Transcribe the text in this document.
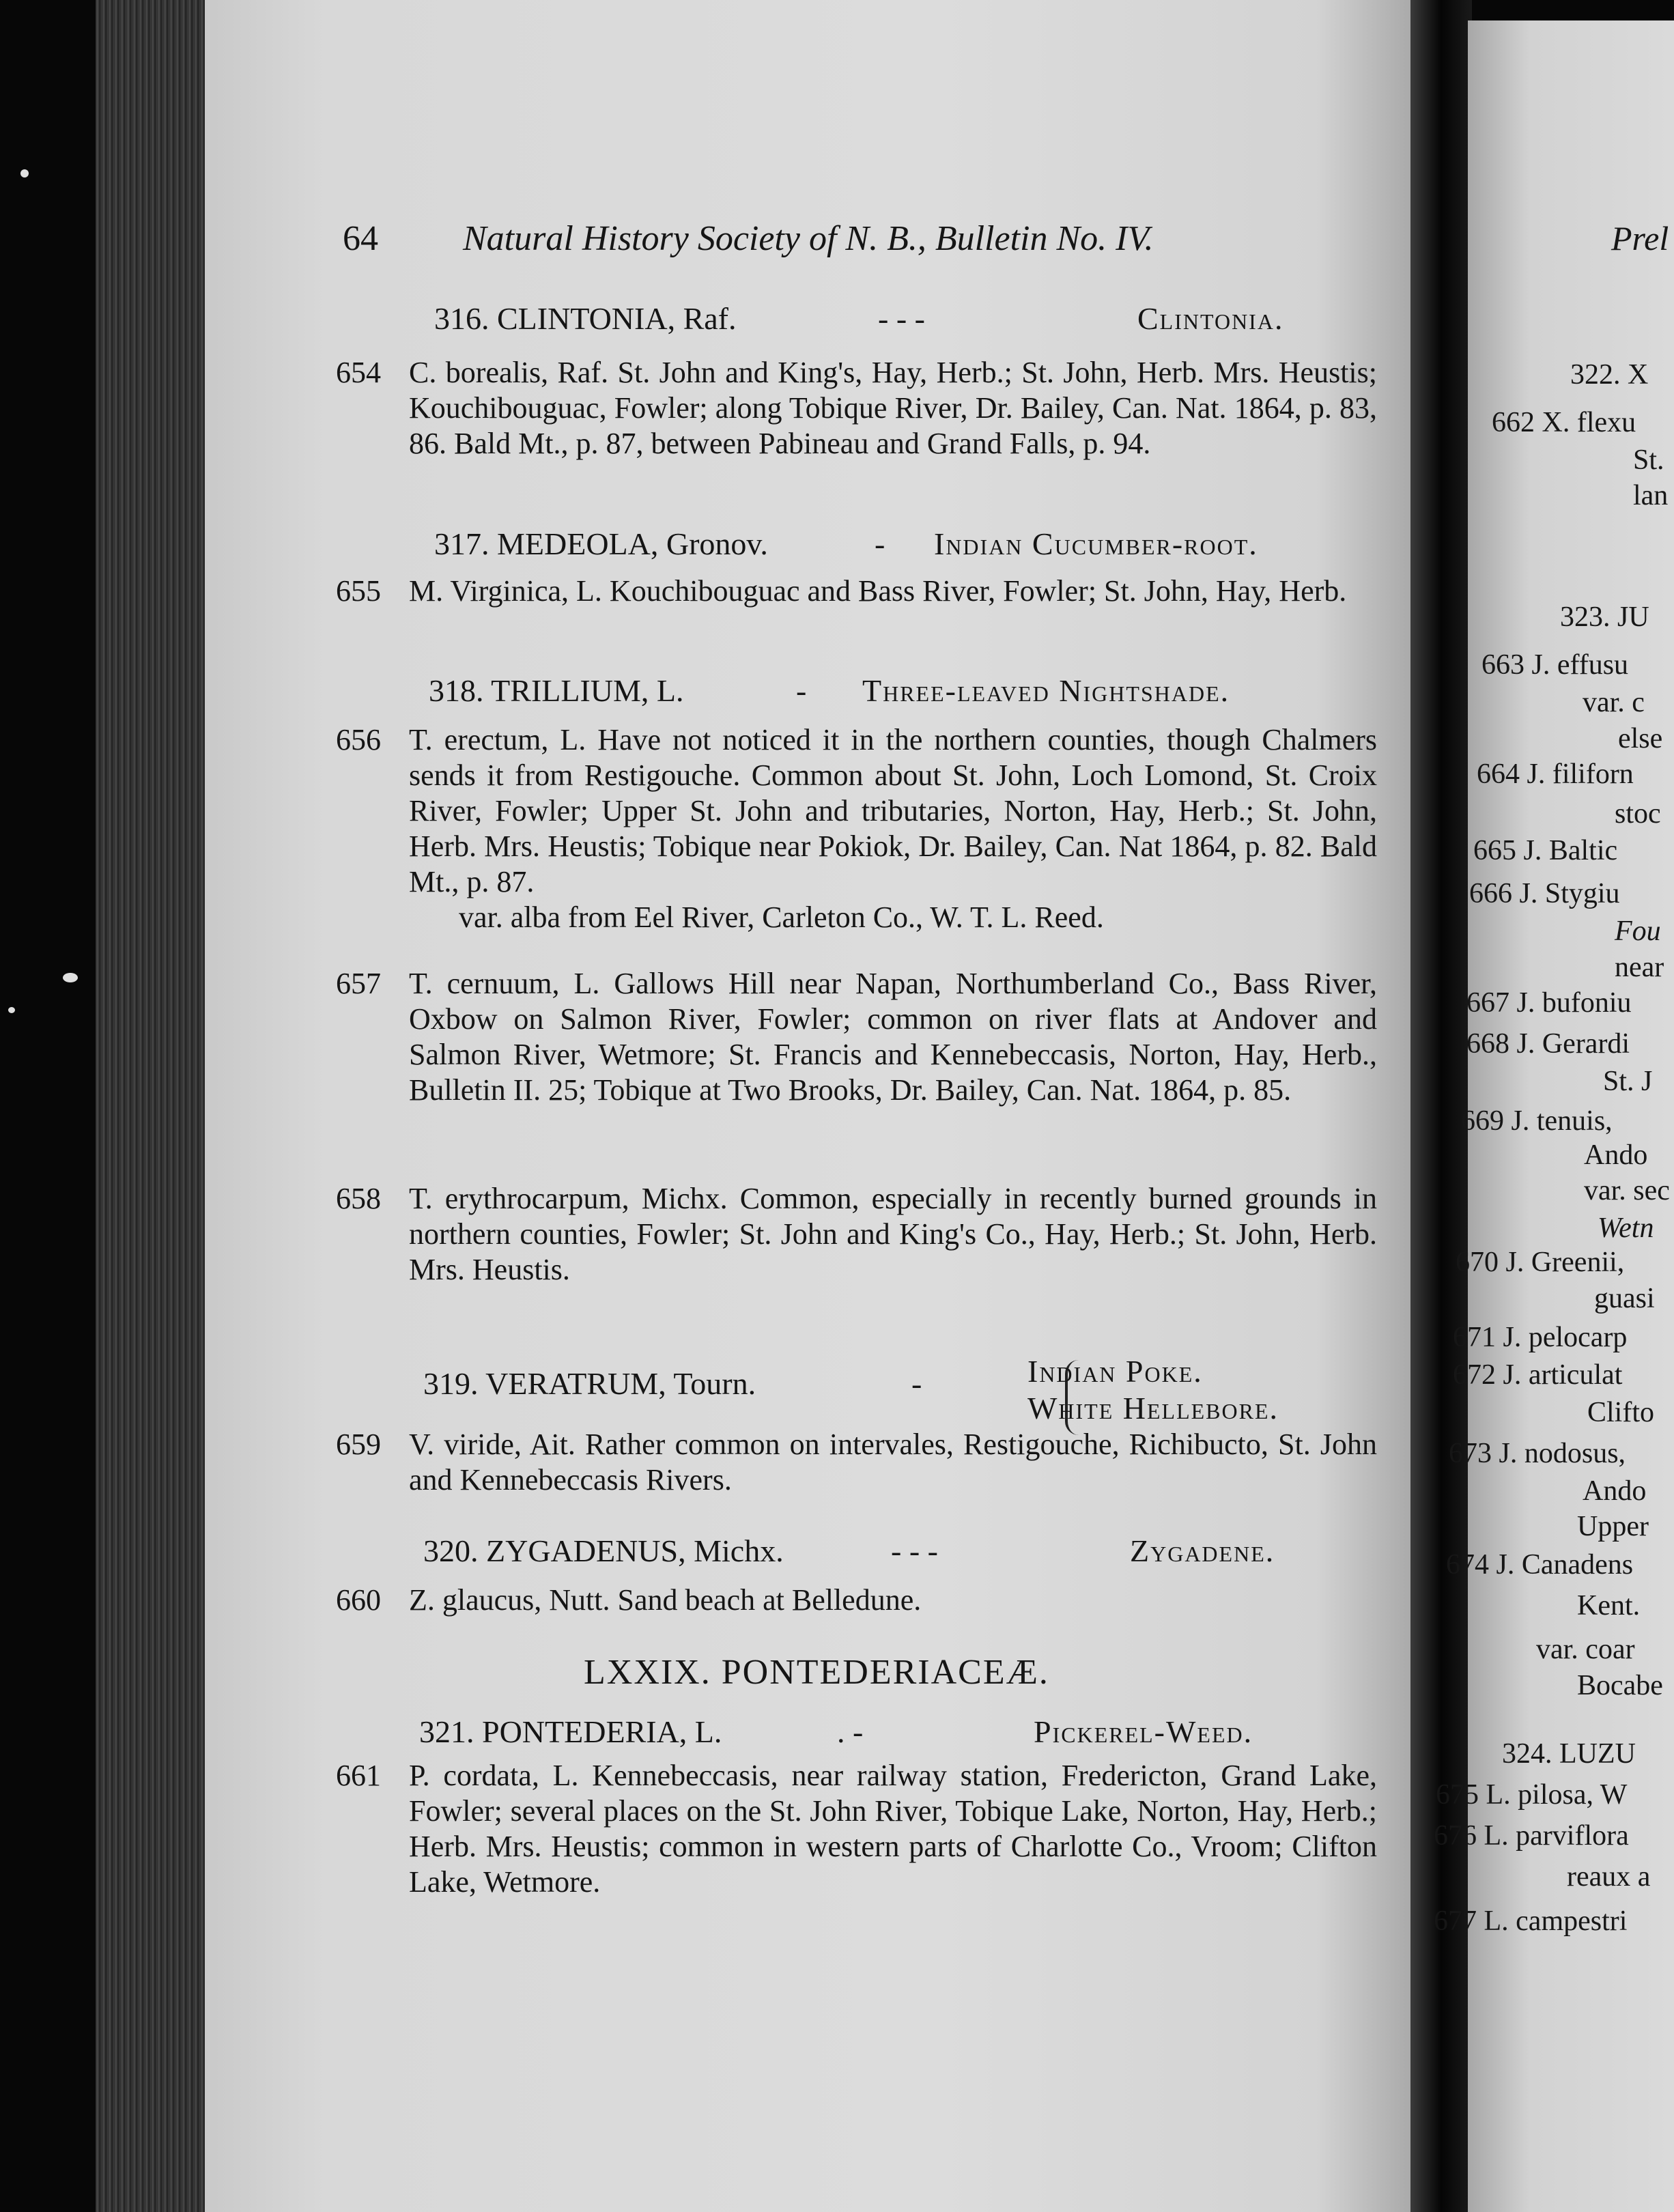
64 Natural History Society of N. B., Bulletin No. IV.
316. CLINTONIA, Raf.	- - -	Clintonia.
654 C. borealis, Raf. St. John and King's, Hay, Herb.; St. John, Herb. Mrs. Heustis; Kouchibouguac, Fowler; along Tobique River, Dr. Bailey, Can. Nat. 1864, p. 83, 86. Bald Mt., p. 87, between Pabineau and Grand Falls, p. 94.
317. MEDEOLA, Gronov.	- Indian Cucumber-root.
655 M. Virginica, L. Kouchibouguac and Bass River, Fowler; St. John, Hay, Herb.
318. TRILLIUM, L.	- Three-leaved Nightshade.
656 T. erectum, L. Have not noticed it in the northern counties, though Chalmers sends it from Restigouche. Common about St. John, Loch Lomond, St. Croix River, Fowler; Upper St. John and tributaries, Norton, Hay, Herb.; St. John, Herb. Mrs. Heustis; Tobique near Pokiok, Dr. Bailey, Can. Nat 1864, p. 82. Bald Mt., p. 87.
var. alba from Eel River, Carleton Co., W. T. L. Reed.
657 T. cernuum, L. Gallows Hill near Napan, Northumberland Co., Bass River, Oxbow on Salmon River, Fowler; common on river flats at Andover and Salmon River, Wetmore; St. Francis and Kennebeccasis, Norton, Hay, Herb., Bulletin II. 25; Tobique at Two Brooks, Dr. Bailey, Can. Nat. 1864, p. 85.
658 T. erythrocarpum, Michx. Common, especially in recently burned grounds in northern counties, Fowler; St. John and King's Co., Hay, Herb.; St. John, Herb. Mrs. Heustis.
319. VERATRUM, Tourn.	-	Indian Poke.
White Hellebore.
659 V. viride, Ait. Rather common on intervales, Restigouche, Richibucto, St. John and Kennebeccasis Rivers.
320. ZYGADENUS, Michx.	- - -	Zygadene.
660 Z. glaucus, Nutt. Sand beach at Belledune.
LXXIX. PONTEDERIACEÆ.
321. PONTEDERIA, L.	. -	Pickerel-Weed.
661 P. cordata, L. Kennebeccasis, near railway station, Fredericton, Grand Lake, Fowler; several places on the St. John River, Tobique Lake, Norton, Hay, Herb.; Herb. Mrs. Heustis; common in western parts of Charlotte Co., Vroom; Clifton Lake, Wetmore.
Prel
322. X
662 X. flexu
St.
lan
323. JU
663 J. effusu
var. c
else
664 J. filiforn
stoc
665 J. Baltic
666 J. Stygiu
Fou
near
667 J. bufoniu
668 J. Gerardi
St. J
669 J. tenuis,
Ando
var. sec
Wetn
670 J. Greenii,
guasi
671 J. pelocarp
672 J. articulat
Clifto
673 J. nodosus,
Ando
Upper
674 J. Canadens
Kent.
var. coar
Bocabe
324. LUZU
675 L. pilosa, W
676 L. parviflora
reaux a
677 L. campestri
